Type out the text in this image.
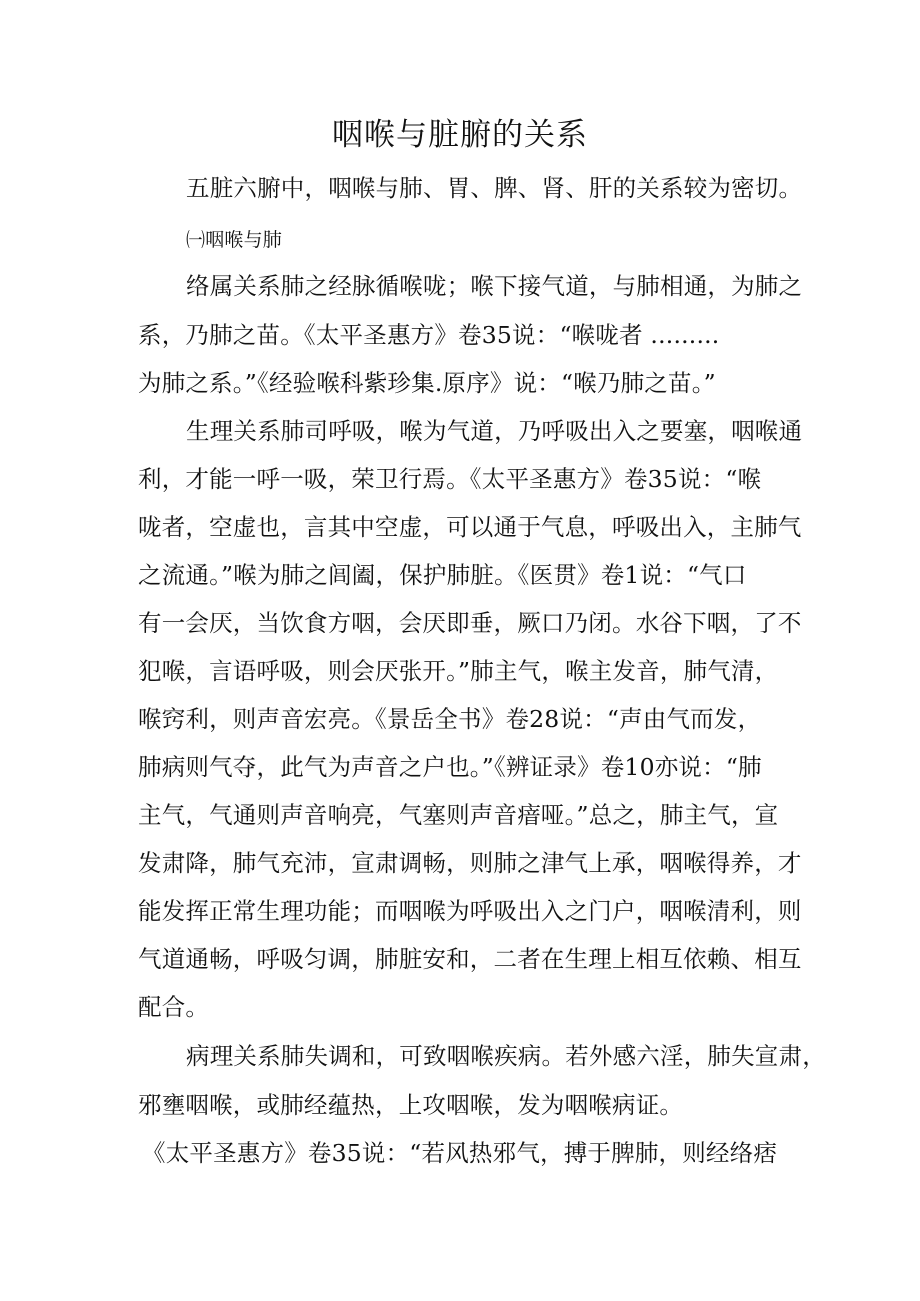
咽喉与脏腑的关系
五脏六腑中，咽喉与肺、胃、脾、肾、肝的关系较为密切。
㈠咽喉与肺
络属关系肺之经脉循喉咙；喉下接气道，与肺相通，为肺之
系，乃肺之苗。《太平圣惠方》卷35说：“喉咙者 .........
为肺之系。”《经验喉科紫珍集.原序》说：“喉乃肺之苗。”
生理关系肺司呼吸，喉为气道，乃呼吸出入之要塞，咽喉通
利，才能一呼一吸，荣卫行焉。《太平圣惠方》卷35说：“喉
咙者，空虚也，言其中空虚，可以通于气息，呼吸出入，主肺气
之流通。”喉为肺之闾阖，保护肺脏。《医贯》卷1说：“气口
有一会厌，当饮食方咽，会厌即垂，厥口乃闭。水谷下咽，了不
犯喉，言语呼吸，则会厌张开。”肺主气，喉主发音，肺气清，
喉窍利，则声音宏亮。《景岳全书》卷28说：“声由气而发，
肺病则气夺，此气为声音之户也。”《辨证录》卷10亦说：“肺
主气，气通则声音响亮，气塞则声音瘖哑。”总之，肺主气，宣
发肃降，肺气充沛，宣肃调畅，则肺之津气上承，咽喉得养，才
能发挥正常生理功能；而咽喉为呼吸出入之门户，咽喉清利，则
气道通畅，呼吸匀调，肺脏安和，二者在生理上相互依赖、相互
配合。
病理关系肺失调和，可致咽喉疾病。若外感六淫，肺失宣肃，
邪壅咽喉，或肺经蕴热，上攻咽喉，发为咽喉病证。
《太平圣惠方》卷35说：“若风热邪气，搏于脾肺，则经络痞
